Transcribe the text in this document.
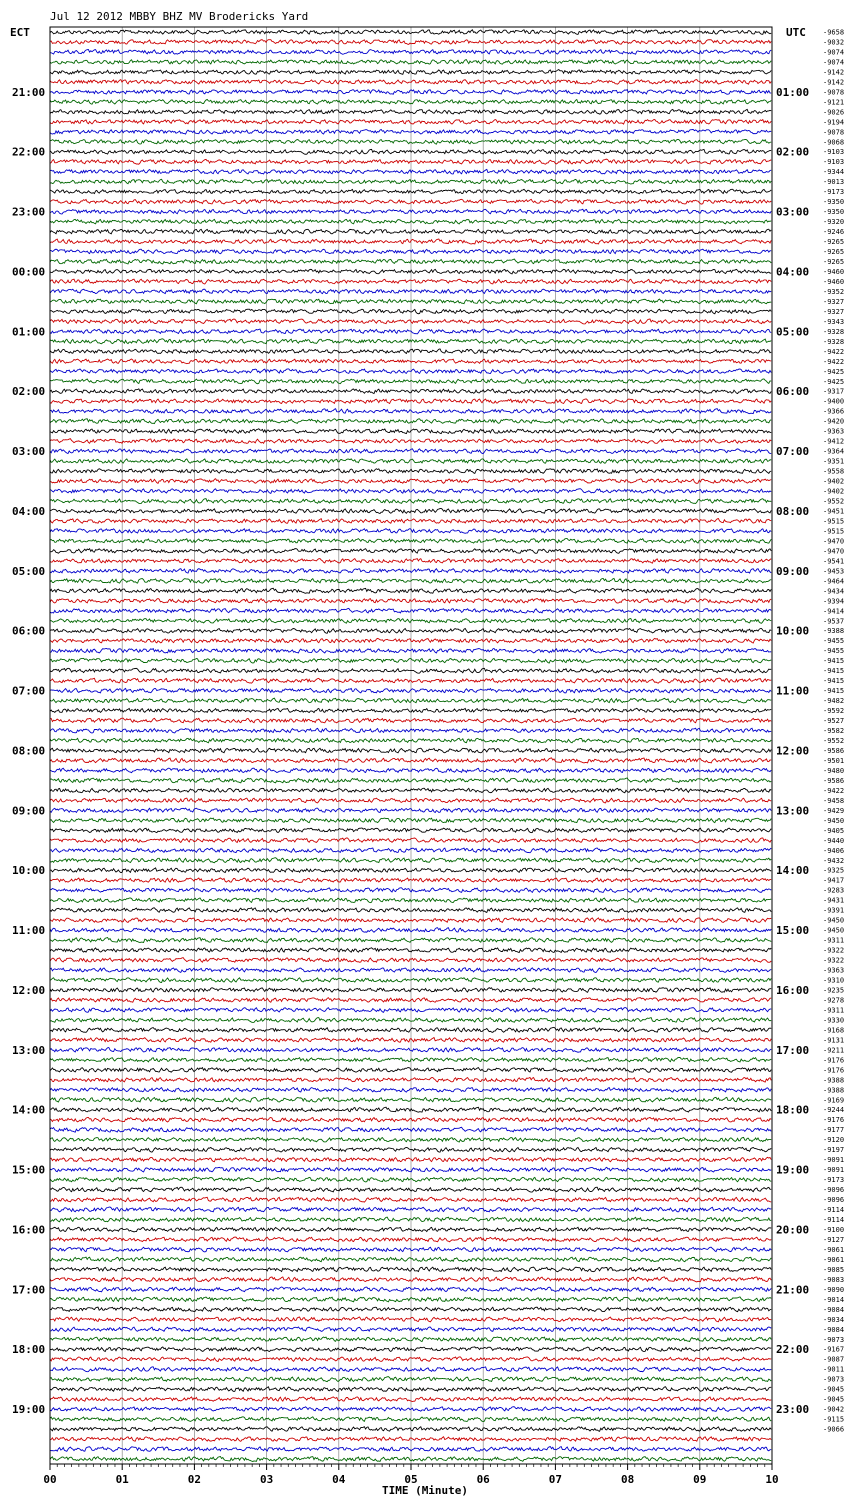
Jul 12 2012 MBBY BHZ MV Brodericks Yard
ECT	UTC -9658
-9032
-9074
-9074
-9142
-9142
-9078
-9121
-9026
-9194
-9078
-9068
-9103
-9103
-9344
-9013
-9173
-9350
-9350
-9320
-9246
-9265
-9265
-9265
-9460
-9460
-9352
-9327
-9327
-9343
-9328
-9328
-9422
-9422
-9425
-9425
-9317
-9400
-9366
-9420
-9363
-9412
-9364
-9351
-9558
-9402
-9402
-9552
-9451
-9515
-9515
-9470
-9470
-9541
-9453
-9464
-9434
-9394
-9414
-9537
-9388
-9455
-9455
-9415
-9415
-9415
-9415
-9482
-9592
-9527
-9582
-9552
-9586
-9501
-9480
-9586
-9422
-9458
-9429
-9450
-9405
-9440
-9406
-9432
-9325
-9417
-9283
-9431
-9391
-9450
-9450
-9311
-9322
-9322
-9363
-9310
-9235
-9278
-9311
-9330
-9168
-9131
-9211
-9176
-9176
-9388
-9388
-9169
-9244
-9176
-9177
-9120
-9197
-9091
-9091
-9173
-9096
-9096
-9114
-9114
-9100
-9127
-9061
-9061
-9085
-9083
-9090
-9014
-9084
-9034
-9084
-9073
-9167
-9087
-9011
-9073
-9045
-9045
-9042
-9115
-9066
21:00
22:00
23:00
00:00
01:00
02:00
03:00
04:00
05:00
06:00
07:00
08:00
09:00
10:00
11:00
12:00
13:00
14:00
15:00
16:00
17:00
18:00
19:00
01:00
02:00
03:00
04:00
05:00
06:00
07:00
08:00
09:00
10:00
11:00
12:00
13:00
14:00
15:00
16:00
17:00
18:00
19:00
20:00
21:00
22:00
23:00
00	01	02	03	04	05	06	07	08	09	10
TIME (Minute)
